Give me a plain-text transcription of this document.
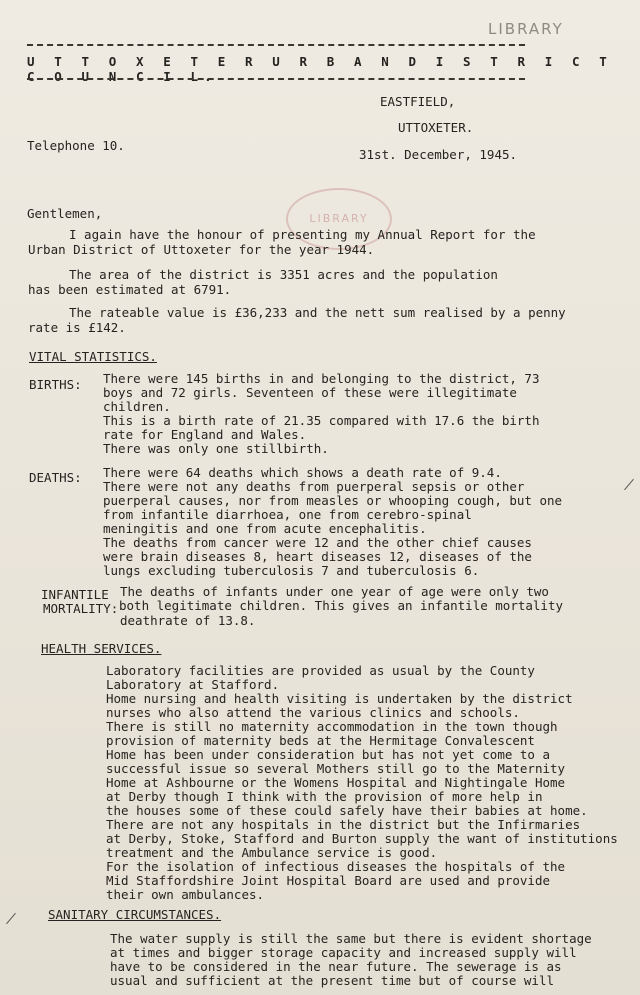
LIBRARY
U T T O X E T E R U R B A N D I S T R I C T C O U N C I L.
EASTFIELD,
UTTOXETER.
Telephone 10.
31st. December, 1945.
LIBRARY
Gentlemen,
I again have the honour of presenting my Annual Report for the
Urban District of Uttoxeter for the year 1944.
The area of the district is 3351 acres and the population
has been estimated at 6791.
The rateable value is £36,233 and the nett sum realised by a penny
rate is £142.
VITAL STATISTICS.
BIRTHS: There were 145 births in and belonging to the district, 73
boys and 72 girls. Seventeen of these were illegitimate
children.
This is a birth rate of 21.35 compared with 17.6 the birth
rate for England and Wales.
There was only one stillbirth.
DEATHS: There were 64 deaths which shows a death rate of 9.4.
There were not any deaths from puerperal sepsis or other
puerperal causes, nor from measles or whooping cough, but one
from infantile diarrhoea, one from cerebro-spinal
meningitis and one from acute encephalitis.
The deaths from cancer were 12 and the other chief causes
were brain diseases 8, heart diseases 12, diseases of the
lungs excluding tuberculosis 7 and tuberculosis 6.
INFANTILE
MORTALITY:
The deaths of infants under one year of age were only two
both legitimate children. This gives an infantile mortality
deathrate of 13.8.
HEALTH SERVICES.
Laboratory facilities are provided as usual by the County
Laboratory at Stafford.
Home nursing and health visiting is undertaken by the district
nurses who also attend the various clinics and schools.
There is still no maternity accommodation in the town though
provision of maternity beds at the Hermitage Convalescent
Home has been under consideration but has not yet come to a
successful issue so several Mothers still go to the Maternity
Home at Ashbourne or the Womens Hospital and Nightingale Home
at Derby though I think with the provision of more help in
the houses some of these could safely have their babies at home.
There are not any hospitals in the district but the Infirmaries
at Derby, Stoke, Stafford and Burton supply the want of institutions
treatment and the Ambulance service is good.
For the isolation of infectious diseases the hospitals of the
Mid Staffordshire Joint Hospital Board are used and provide
their own ambulances.
SANITARY CIRCUMSTANCES.
The water supply is still the same but there is evident shortage
at times and bigger storage capacity and increased supply will
have to be considered in the near future. The sewerage is as
usual and sufficient at the present time but of course will
